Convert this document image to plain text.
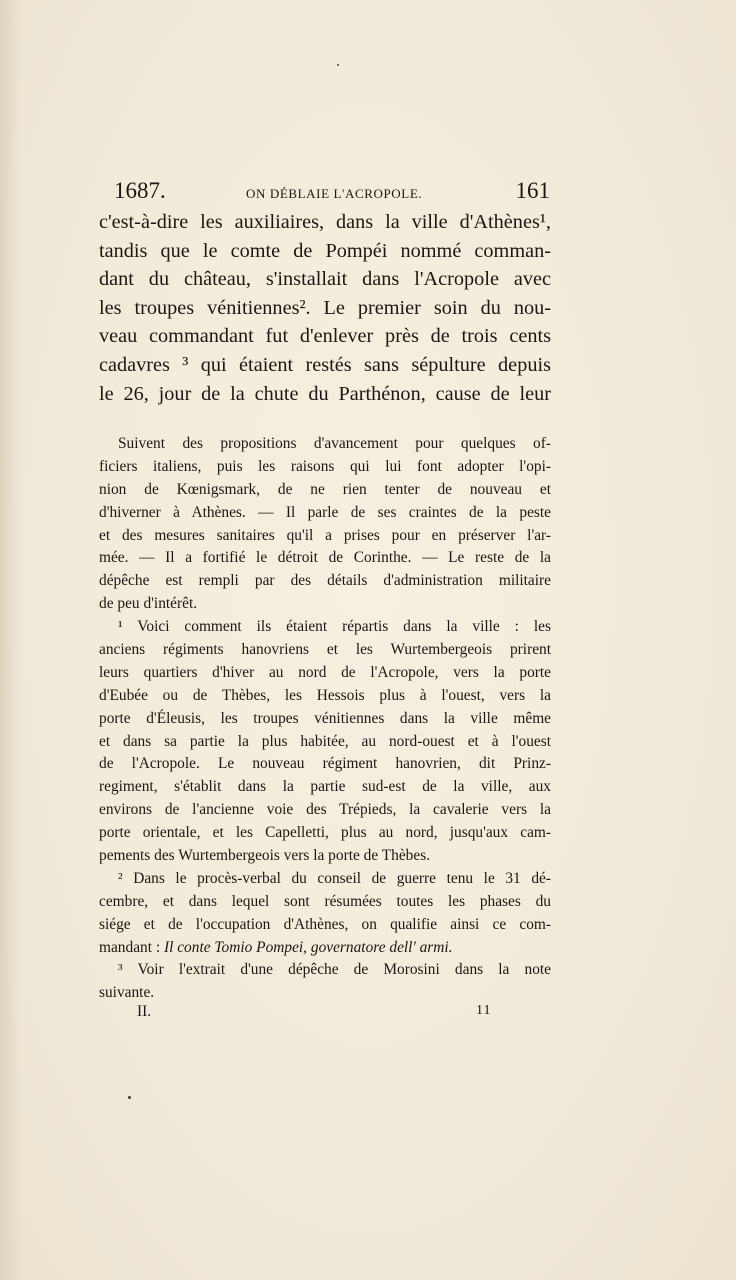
1687.	ON DÉBLAIE L'ACROPOLE.	161
c'est-à-dire les auxiliaires, dans la ville d'Athènes¹,
tandis que le comte de Pompéi nommé comman-
dant du château, s'installait dans l'Acropole avec
les troupes vénitiennes². Le premier soin du nou-
veau commandant fut d'enlever près de trois cents
cadavres ³ qui étaient restés sans sépulture depuis
le 26, jour de la chute du Parthénon, cause de leur
Suivent des propositions d'avancement pour quelques of-
ficiers italiens, puis les raisons qui lui font adopter l'opi-
nion de Kœnigsmark, de ne rien tenter de nouveau et
d'hiverner à Athènes. — Il parle de ses craintes de la peste
et des mesures sanitaires qu'il a prises pour en préserver l'ar-
mée. — Il a fortifié le détroit de Corinthe. — Le reste de la
dépêche est rempli par des détails d'administration militaire
de peu d'intérêt.
¹ Voici comment ils étaient répartis dans la ville : les
anciens régiments hanovriens et les Wurtembergeois prirent
leurs quartiers d'hiver au nord de l'Acropole, vers la porte
d'Eubée ou de Thèbes, les Hessois plus à l'ouest, vers la
porte d'Éleusis, les troupes vénitiennes dans la ville même
et dans sa partie la plus habitée, au nord-ouest et à l'ouest
de l'Acropole. Le nouveau régiment hanovrien, dit Prinz-
regiment, s'établit dans la partie sud-est de la ville, aux
environs de l'ancienne voie des Trépieds, la cavalerie vers la
porte orientale, et les Capelletti, plus au nord, jusqu'aux cam-
pements des Wurtembergeois vers la porte de Thèbes.
² Dans le procès-verbal du conseil de guerre tenu le 31 dé-
cembre, et dans lequel sont résumées toutes les phases du
siége et de l'occupation d'Athènes, on qualifie ainsi ce com-
mandant : Il conte Tomio Pompei, governatore dell' armi.
³ Voir l'extrait d'une dépêche de Morosini dans la note
suivante.
II.	11
